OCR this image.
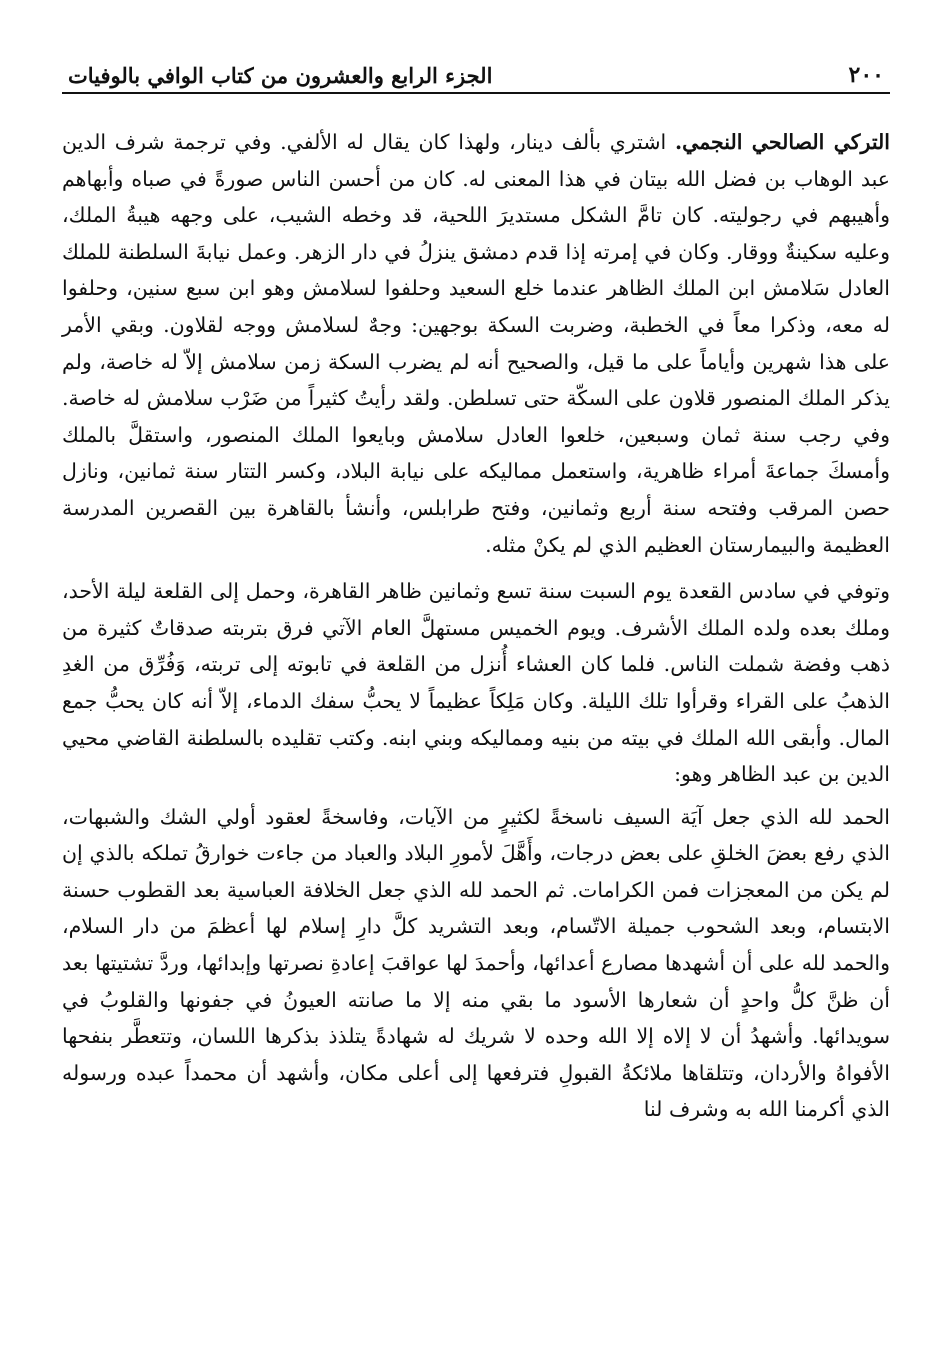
٢٠٠
الجزء الرابع والعشرون من كتاب الوافي بالوفيات

التركي الصالحي النجمي. اشتري بألف دينار، ولهذا كان يقال له الألفي. وفي ترجمة شرف الدين عبد الوهاب بن فضل الله بيتان في هذا المعنى له. كان من أحسن الناس صورةً في صباه وأبهاهم وأهيبهم في رجوليته. كان تامَّ الشكل مستديرَ اللحية، قد وخطه الشيب، على وجهه هيبةُ الملك، وعليه سكينةٌ ووقار. وكان في إمرته إذا قدم دمشق ينزلُ في دار الزهر. وعمل نيابةَ السلطنة للملك العادل سَلامش ابن الملك الظاهر عندما خلع السعيد وحلفوا لسلامش وهو ابن سبع سنين، وحلفوا له معه، وذكرا معاً في الخطبة، وضربت السكة بوجهين: وجهٌ لسلامش ووجه لقلاون. وبقي الأمر على هذا شهرين وأياماً على ما قيل، والصحيح أنه لم يضرب السكة زمن سلامش إلاّ له خاصة، ولم يذكر الملك المنصور قلاون على السكّة حتى تسلطن. ولقد رأيتُ كثيراً من ضَرْب سلامش له خاصة. وفي رجب سنة ثمان وسبعين، خلعوا العادل سلامش وبايعوا الملك المنصور، واستقلَّ بالملك وأمسكَ جماعةَ أمراء ظاهرية، واستعمل مماليكه على نيابة البلاد، وكسر التتار سنة ثمانين، ونازل حصن المرقب وفتحه سنة أربع وثمانين، وفتح طرابلس، وأنشأ بالقاهرة بين القصرين المدرسة العظيمة والبيمارستان العظيم الذي لم يكنْ مثله.

وتوفي في سادس القعدة يوم السبت سنة تسع وثمانين ظاهر القاهرة، وحمل إلى القلعة ليلة الأحد، وملك بعده ولده الملك الأشرف. ويوم الخميس مستهلَّ العام الآتي فرق بتربته صدقاتٌ كثيرة من ذهب وفضة شملت الناس. فلما كان العشاء أُنزل من القلعة في تابوته إلى تربته، وَفُرِّق من الغدِ الذهبُ على القراء وقرأوا تلك الليلة. وكان مَلِكاً عظيماً لا يحبُّ سفك الدماء، إلاّ أنه كان يحبُّ جمع المال. وأبقى الله الملك في بيته من بنيه ومماليكه وبني ابنه. وكتب تقليده بالسلطنة القاضي محيي الدين بن عبد الظاهر وهو:

الحمد لله الذي جعل آيَة السيف ناسخةً لكثيرٍ من الآيات، وفاسخةً لعقود أولي الشك والشبهات، الذي رفع بعضَ الخلقِ على بعض درجات، وأَهَّلَ لأمورِ البلاد والعباد من جاءت خوارقُ تملكه بالذي إن لم يكن من المعجزات فمن الكرامات. ثم الحمد لله الذي جعل الخلافة العباسية بعد القطوب حسنة الابتسام، وبعد الشحوب جميلة الاتّسام، وبعد التشريد كلَّ دارِ إسلام لها أعظمَ من دار السلام، والحمد لله على أن أشهدها مصارع أعدائها، وأحمدَ لها عواقبَ إعادةِ نصرتها وإبدائها، وردَّ تشتيتها بعد أن ظنَّ كلُّ واحدٍ أن شعارها الأسود ما بقي منه إلا ما صانته العيونُ في جفونها والقلوبُ في سويدائها. وأشهدُ أن لا إلاه إلا الله وحده لا شريك له شهادةً يتلذذ بذكرها اللسان، وتتعطَّر بنفحها الأفواهُ والأردان، وتتلقاها ملائكةُ القبولِ فترفعها إلى أعلى مكان، وأشهد أن محمداً عبده ورسوله الذي أكرمنا الله به وشرف لنا
